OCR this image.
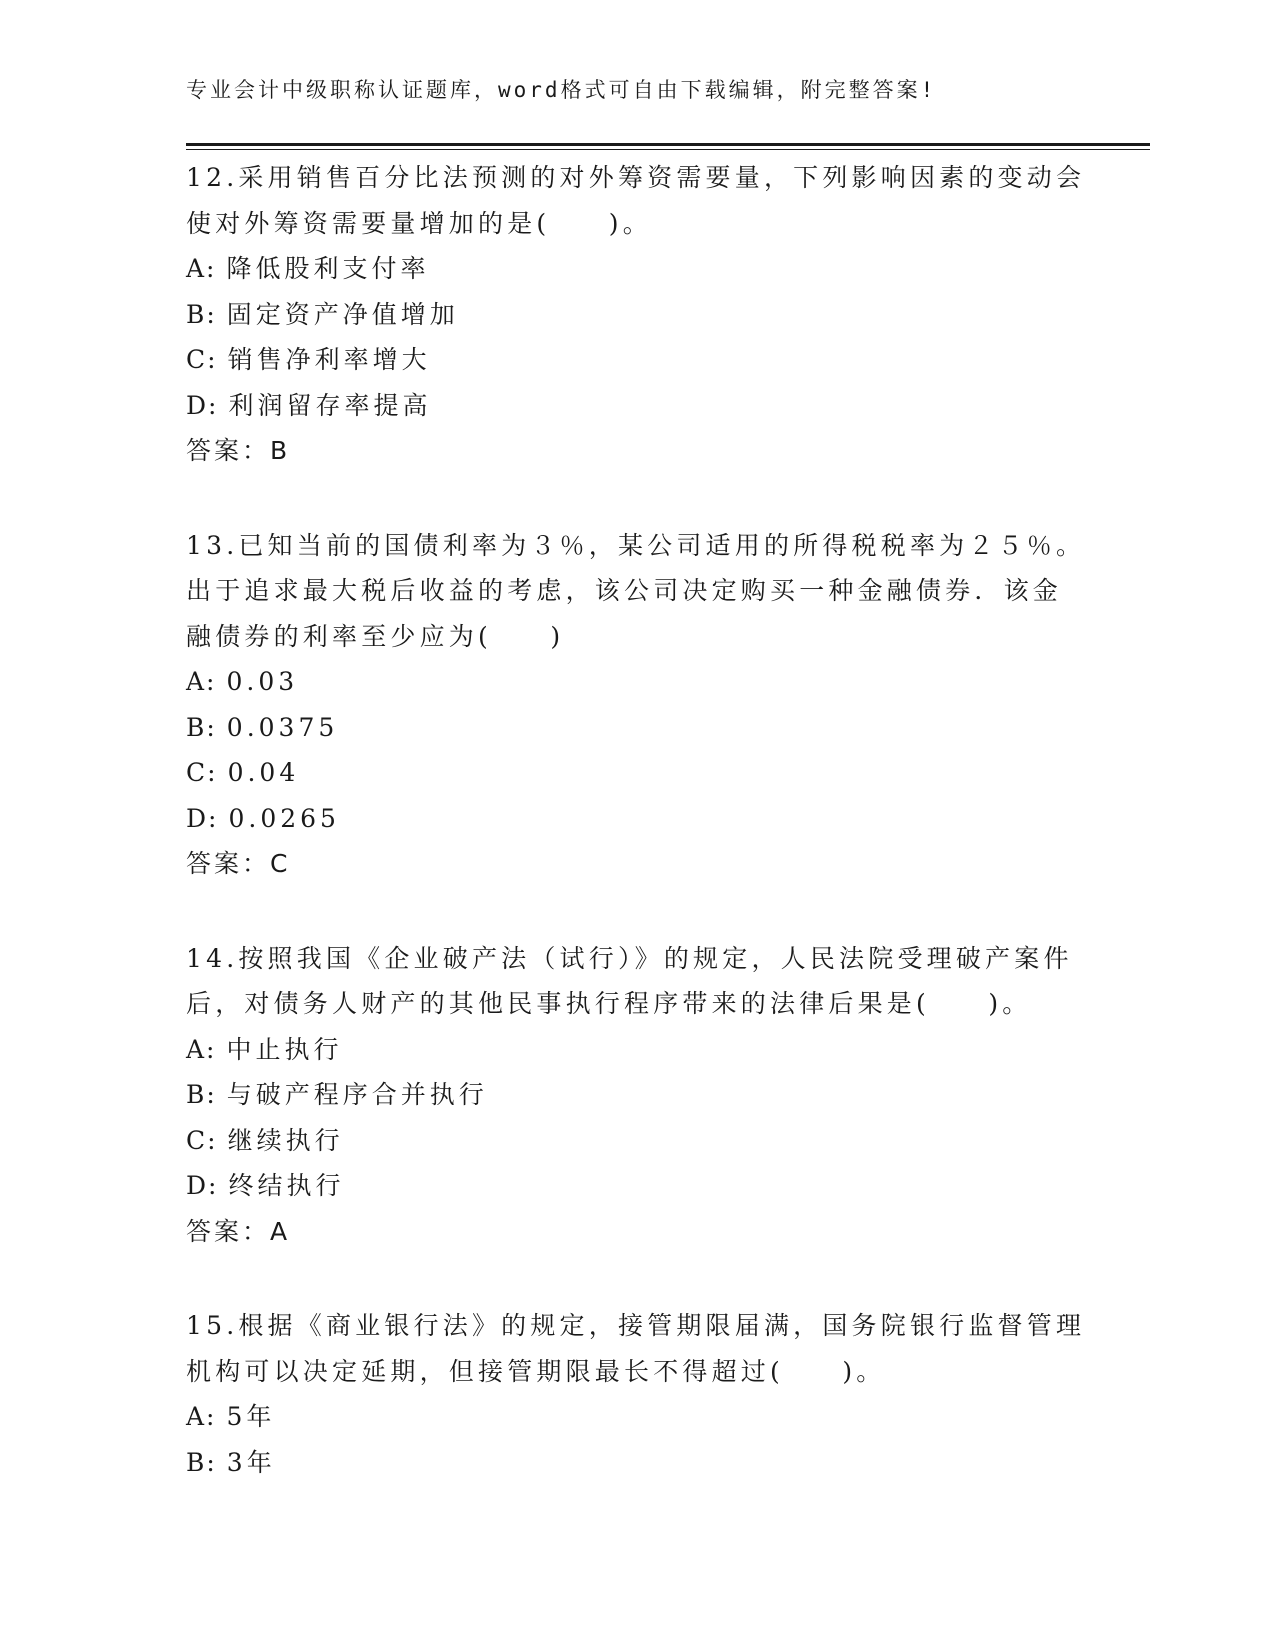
专业会计中级职称认证题库，word格式可自由下载编辑，附完整答案!
12.采用销售百分比法预测的对外筹资需要量，下列影响因素的变动会
使对外筹资需要量增加的是(　　)。
A: 降低股利支付率
B: 固定资产净值增加
C: 销售净利率增大
D: 利润留存率提高
答案：B
13.已知当前的国债利率为３％，某公司适用的所得税税率为２５％。
出于追求最大税后收益的考虑，该公司决定购买一种金融债券．该金
融债券的利率至少应为(　　)
A: 0.03
B: 0.0375
C: 0.04
D: 0.0265
答案：C
14.按照我国《企业破产法（试行）》的规定，人民法院受理破产案件
后，对债务人财产的其他民事执行程序带来的法律后果是(　　)。
A: 中止执行
B: 与破产程序合并执行
C: 继续执行
D: 终结执行
答案：A
15.根据《商业银行法》的规定，接管期限届满，国务院银行监督管理
机构可以决定延期，但接管期限最长不得超过(　　)。
A: 5年
B: 3年
